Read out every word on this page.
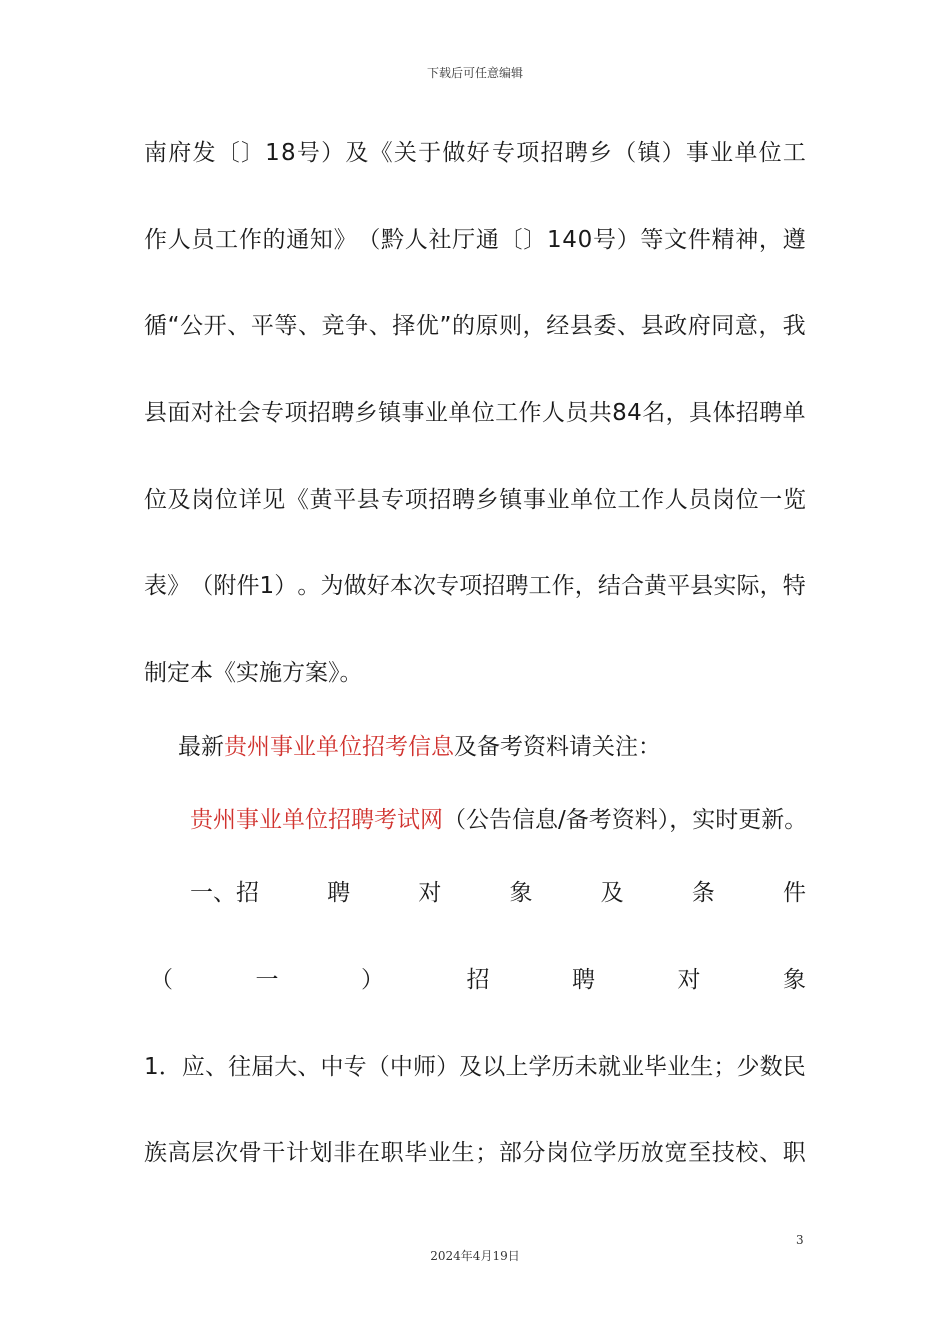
下载后可任意编辑
南 府 发 〔 〕 1 8 号 ） 及 《 关 于 做 好 专 项 招 聘 乡 （ 镇 ） 事 业 单 位 工
作 人 员 工 作 的 通 知 》 （ 黔 人 社 厅 通 〔 〕 1 4 0 号 ） 等 文 件 精 神 ， 遵
循 “ 公 开 、 平 等 、 竞 争 、 择 优 ” 的 原 则 ， 经 县 委 、 县 政 府 同 意 ， 我
县 面 对 社 会 专 项 招 聘 乡 镇 事 业 单 位 工 作 人 员 共 8 4 名 ， 具 体 招 聘 单
位 及 岗 位 详 见 《 黄 平 县 专 项 招 聘 乡 镇 事 业 单 位 工 作 人 员 岗 位 一 览
表 》 （ 附 件 1 ） 。 为 做 好 本 次 专 项 招 聘 工 作 ， 结 合 黄 平 县 实 际 ， 特
制定本《实施方案》。
最新贵州事业单位招考信息及备考资料请关注：
贵州事业单位招聘考试网（公告信息/备考资料），实时更新。
一、招	聘	对	象	及	条	件
（	一	）	招	聘	对	象
1 ． 应 、 往 届 大 、 中 专 （ 中 师 ） 及 以 上 学 历 未 就 业 毕 业 生 ； 少 数 民
族 高 层 次 骨 干 计 划 非 在 职 毕 业 生 ； 部 分 岗 位 学 历 放 宽 至 技 校 、 职
3
2024年4月19日
